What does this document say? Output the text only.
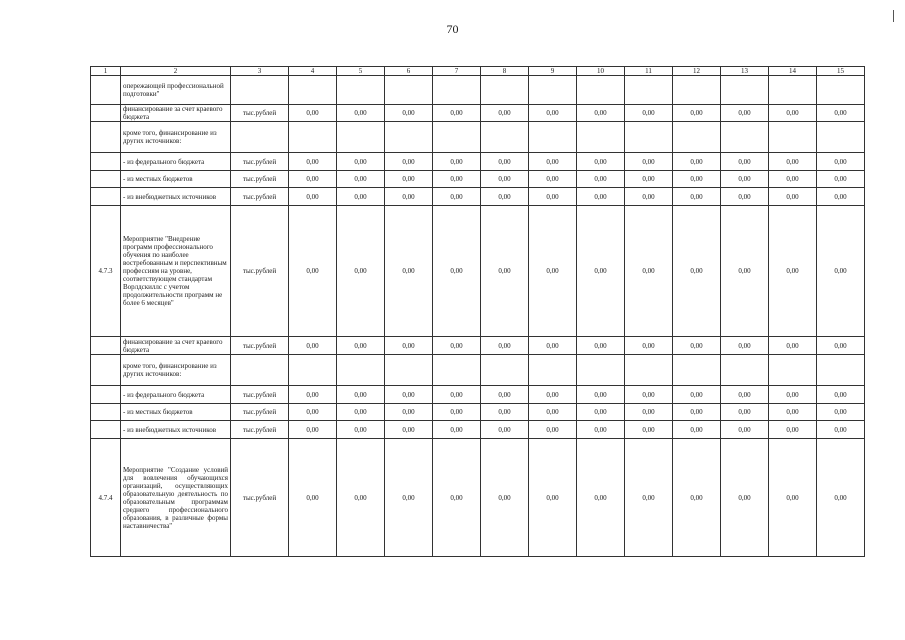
70
1	2	3	4	5	6	7	8	9	10	11	12	13	14	15
	опережающей профессиональной подготовки"													
	финансирование за счет краевого бюджета	тыс.рублей	0,00	0,00	0,00	0,00	0,00	0,00	0,00	0,00	0,00	0,00	0,00	0,00
	кроме того, финансирование из других источников:													
	- из федерального бюджета	тыс.рублей	0,00	0,00	0,00	0,00	0,00	0,00	0,00	0,00	0,00	0,00	0,00	0,00
	- из местных бюджетов	тыс.рублей	0,00	0,00	0,00	0,00	0,00	0,00	0,00	0,00	0,00	0,00	0,00	0,00
	- из внебюджетных источников	тыс.рублей	0,00	0,00	0,00	0,00	0,00	0,00	0,00	0,00	0,00	0,00	0,00	0,00
4.7.3	Мероприятие "Внедрение программ профессионального обучения по наиболее востребованным и перспективным профессиям на уровне, соответствующем стандартам Ворлдскиллс с учетом продолжительности программ не более 6 месяцев"	тыс.рублей	0,00	0,00	0,00	0,00	0,00	0,00	0,00	0,00	0,00	0,00	0,00	0,00
	финансирование за счет краевого бюджета	тыс.рублей	0,00	0,00	0,00	0,00	0,00	0,00	0,00	0,00	0,00	0,00	0,00	0,00
	кроме того, финансирование из других источников:													
	- из федерального бюджета	тыс.рублей	0,00	0,00	0,00	0,00	0,00	0,00	0,00	0,00	0,00	0,00	0,00	0,00
	- из местных бюджетов	тыс.рублей	0,00	0,00	0,00	0,00	0,00	0,00	0,00	0,00	0,00	0,00	0,00	0,00
	- из внебюджетных источников	тыс.рублей	0,00	0,00	0,00	0,00	0,00	0,00	0,00	0,00	0,00	0,00	0,00	0,00
4.7.4	Мероприятие "Создание условий для вовлечения обучающихся организаций, осуществляющих образовательную деятельность по образовательным программам среднего профессионального образования, в различные формы наставничества"	тыс.рублей	0,00	0,00	0,00	0,00	0,00	0,00	0,00	0,00	0,00	0,00	0,00	0,00
